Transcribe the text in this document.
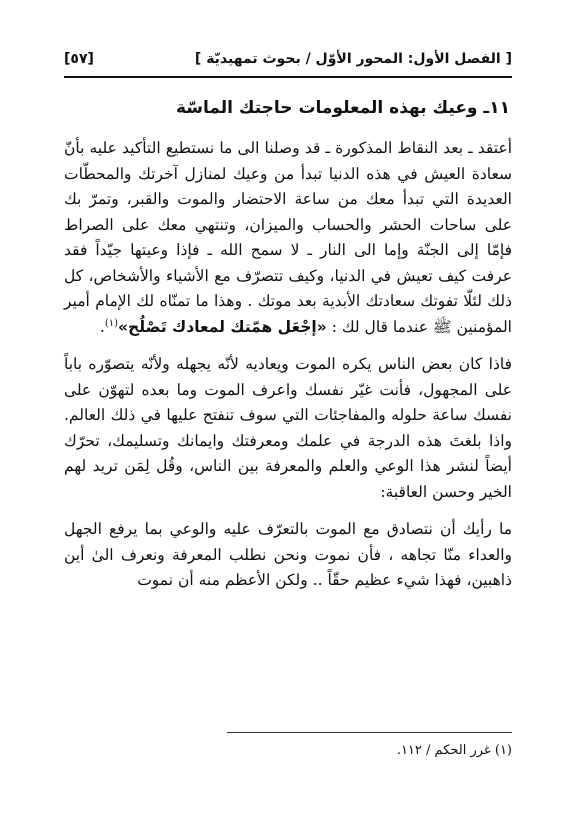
[ الفصل الأول: المحور الأوّل / بحوث تمهيديّة ]
[٥٧]
١١ـ وعيك بهذه المعلومات حاجتك الماسّة

أعتقد ـ بعد النقاط المذكورة ـ قد وصلنا الى ما نستطيع التأكيد عليه بأنّ سعادة العيش في هذه الدنيا تبدأ من وعيك لمنازل آخرتك والمحطّات العديدة التي تبدأ معك من ساعة الاحتضار والموت والقبر، وتمرّ بك على ساحات الحشر والحساب والميزان، وتنتهي معك على الصراط فإمّا إلى الجنّة وإما الى النار ـ لا سمح الله ـ فإذا وعيتها جيّداً فقد عرفت كيف تعيش في الدنيا، وكيف تتصرّف مع الأشياء والأشخاص، كل ذلك لئلّا تفوتك سعادتك الأبدية بعد موتك . وهذا ما تمنّاه لك الإمام أمير المؤمنين ﷺ عندما قال لك : «إجْعَل همّتك لمعادك تَصْلُح»$^{(١)}$.

فاذا كان بعض الناس يكره الموت ويعاديه لأنّه يجهله ولأنّه يتصوّره باباً على المجهول، فأنت غيّر نفسك واعرف الموت وما بعده لتهوّن على نفسك ساعة حلوله والمفاجئات التي سوف تنفتح عليها في ذلك العالم. واذا بلغتَ هذه الدرجة في علمك ومعرفتك وايمانك وتسليمك، تحرّك أيضاً لنشر هذا الوعي والعلم والمعرفة بين الناس، وقُل لِمَن تريد لهم الخير وحسن العاقبة:

ما رأيك أن نتصادق مع الموت بالتعرّف عليه والوعي بما يرفع الجهل والعداء منّا تجاهه ، فأن نموت ونحن نطلب المعرفة ونعرف الىٰ أين ذاهبين، فهذا شيء عظيم حقّاً .. ولكن الأعظم منه أن نموت

(١) غرر الحكم / ١١٢.
